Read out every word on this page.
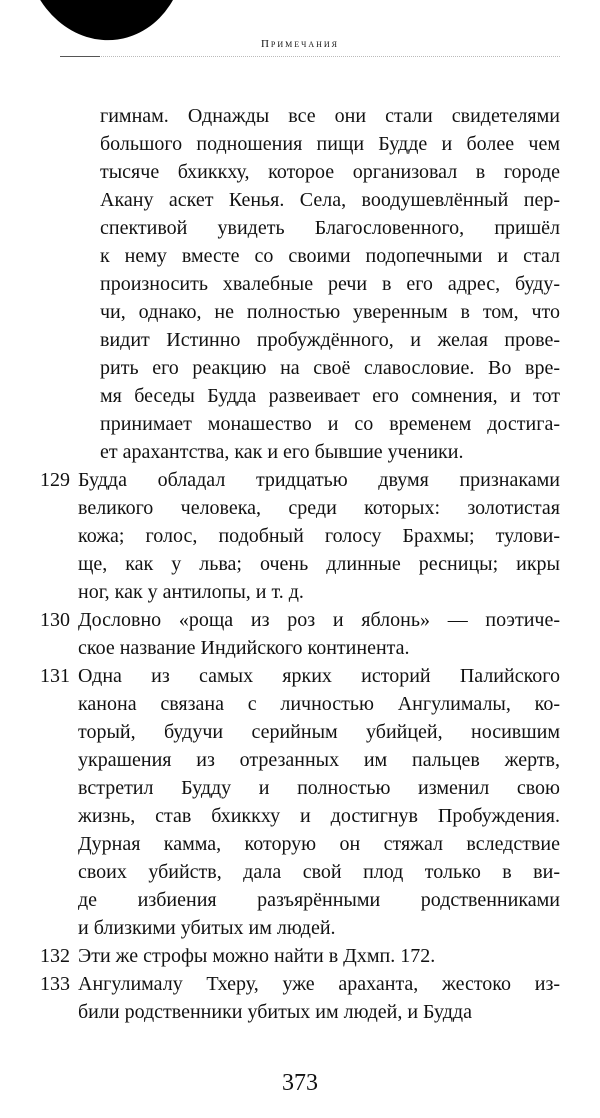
Примечания
гимнам. Однажды все они стали свидетелями
большого подношения пищи Будде и более чем
тысяче бхиккху, которое организовал в городе
Акану аскет Кенья. Села, воодушевлённый пер-
спективой увидеть Благословенного, пришёл
к нему вместе со своими подопечными и стал
произносить хвалебные речи в его адрес, буду-
чи, однако, не полностью уверенным в том, что
видит Истинно пробуждённого, и желая прове-
рить его реакцию на своё славословие. Во вре-
мя беседы Будда развеивает его сомнения, и тот
принимает монашество и со временем достига-
ет арахантства, как и его бывшие ученики.
129 Будда обладал тридцатью двумя признаками
великого человека, среди которых: золотистая
кожа; голос, подобный голосу Брахмы; тулови-
ще, как у льва; очень длинные ресницы; икры
ног, как у антилопы, и т. д.
130 Дословно «роща из роз и яблонь» — поэтиче-
ское название Индийского континента.
131 Одна из самых ярких историй Палийского
канона связана с личностью Ангулималы, ко-
торый, будучи серийным убийцей, носившим
украшения из отрезанных им пальцев жертв,
встретил Будду и полностью изменил свою
жизнь, став бхиккху и достигнув Пробуждения.
Дурная камма, которую он стяжал вследствие
своих убийств, дала свой плод только в ви-
де избиения разъярёнными родственниками
и близкими убитых им людей.
132 Эти же строфы можно найти в Дхмп. 172.
133 Ангулималу Тхеру, уже араханта, жестоко из-
били родственники убитых им людей, и Будда
373
